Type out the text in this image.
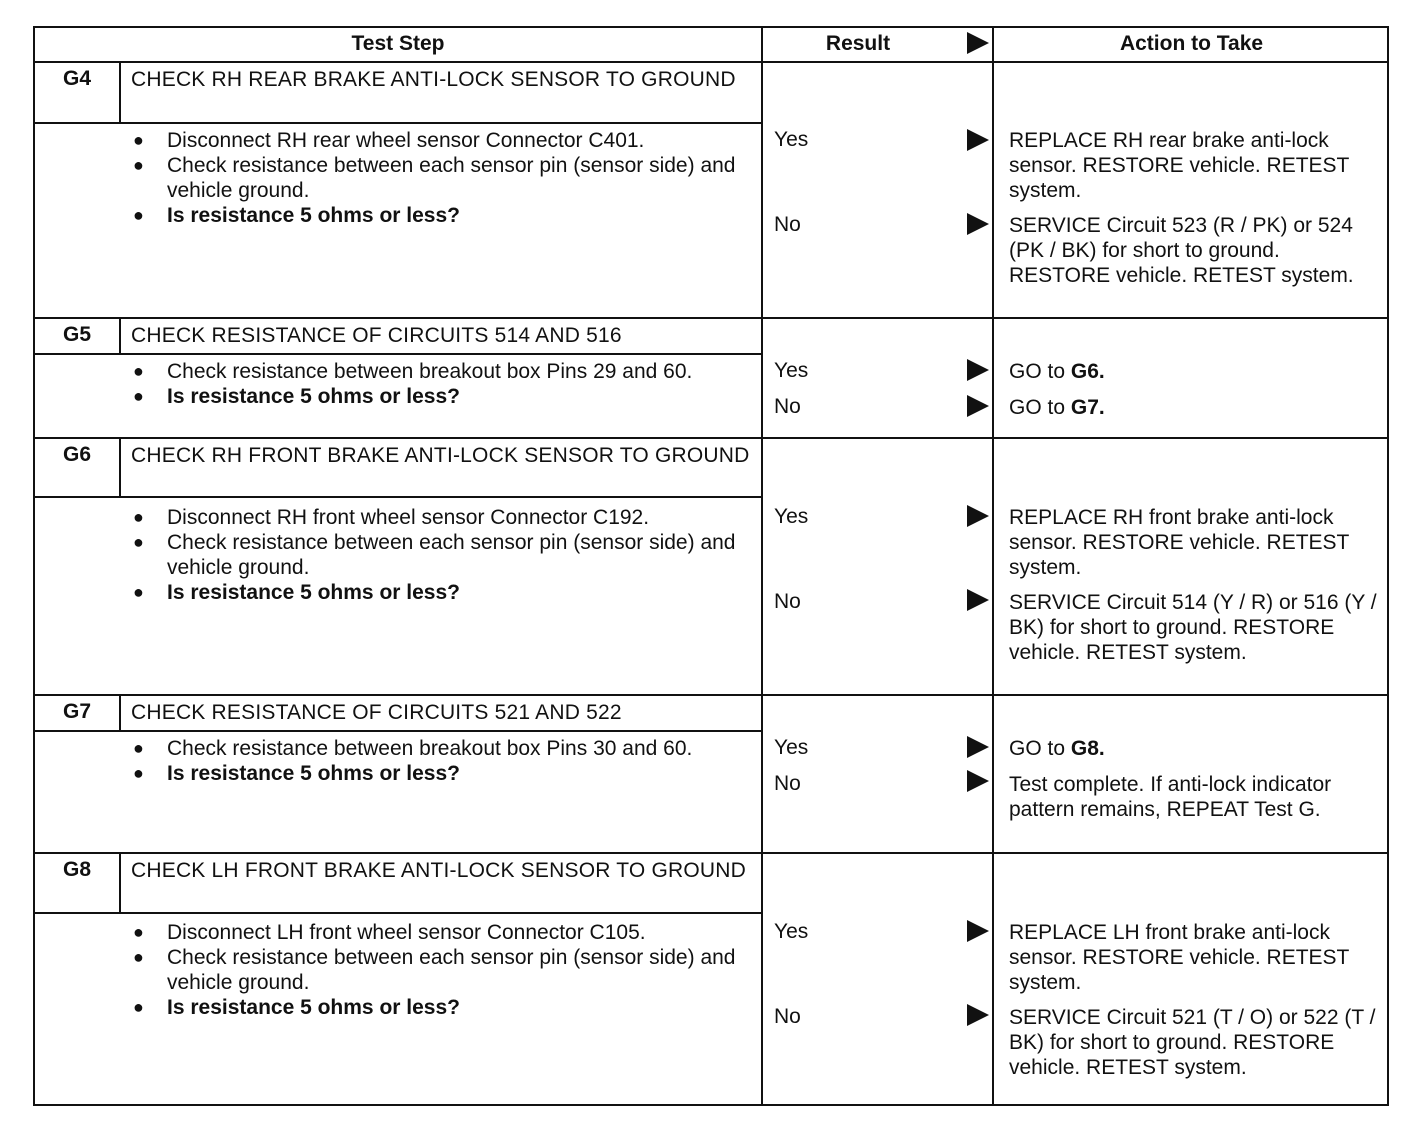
Test Step	Result	Action to Take
G4	CHECK RH REAR BRAKE ANTI-LOCK SENSOR TO GROUND
● Disconnect RH rear wheel sensor Connector C401.
● Check resistance between each sensor pin (sensor side) and vehicle ground.
● Is resistance 5 ohms or less?
Yes	REPLACE RH rear brake anti-lock sensor. RESTORE vehicle. RETEST system.
No	SERVICE Circuit 523 (R / PK) or 524 (PK / BK) for short to ground. RESTORE vehicle. RETEST system.
G5	CHECK RESISTANCE OF CIRCUITS 514 AND 516
● Check resistance between breakout box Pins 29 and 60.
● Is resistance 5 ohms or less?
Yes	GO to G6.
No	GO to G7.
G6	CHECK RH FRONT BRAKE ANTI-LOCK SENSOR TO GROUND
● Disconnect RH front wheel sensor Connector C192.
● Check resistance between each sensor pin (sensor side) and vehicle ground.
● Is resistance 5 ohms or less?
Yes	REPLACE RH front brake anti-lock sensor. RESTORE vehicle. RETEST system.
No	SERVICE Circuit 514 (Y / R) or 516 (Y / BK) for short to ground. RESTORE vehicle. RETEST system.
G7	CHECK RESISTANCE OF CIRCUITS 521 AND 522
● Check resistance between breakout box Pins 30 and 60.
● Is resistance 5 ohms or less?
Yes	GO to G8.
No	Test complete. If anti-lock indicator pattern remains, REPEAT Test G.
G8	CHECK LH FRONT BRAKE ANTI-LOCK SENSOR TO GROUND
● Disconnect LH front wheel sensor Connector C105.
● Check resistance between each sensor pin (sensor side) and vehicle ground.
● Is resistance 5 ohms or less?
Yes	REPLACE LH front brake anti-lock sensor. RESTORE vehicle. RETEST system.
No	SERVICE Circuit 521 (T / O) or 522 (T / BK) for short to ground. RESTORE vehicle. RETEST system.
